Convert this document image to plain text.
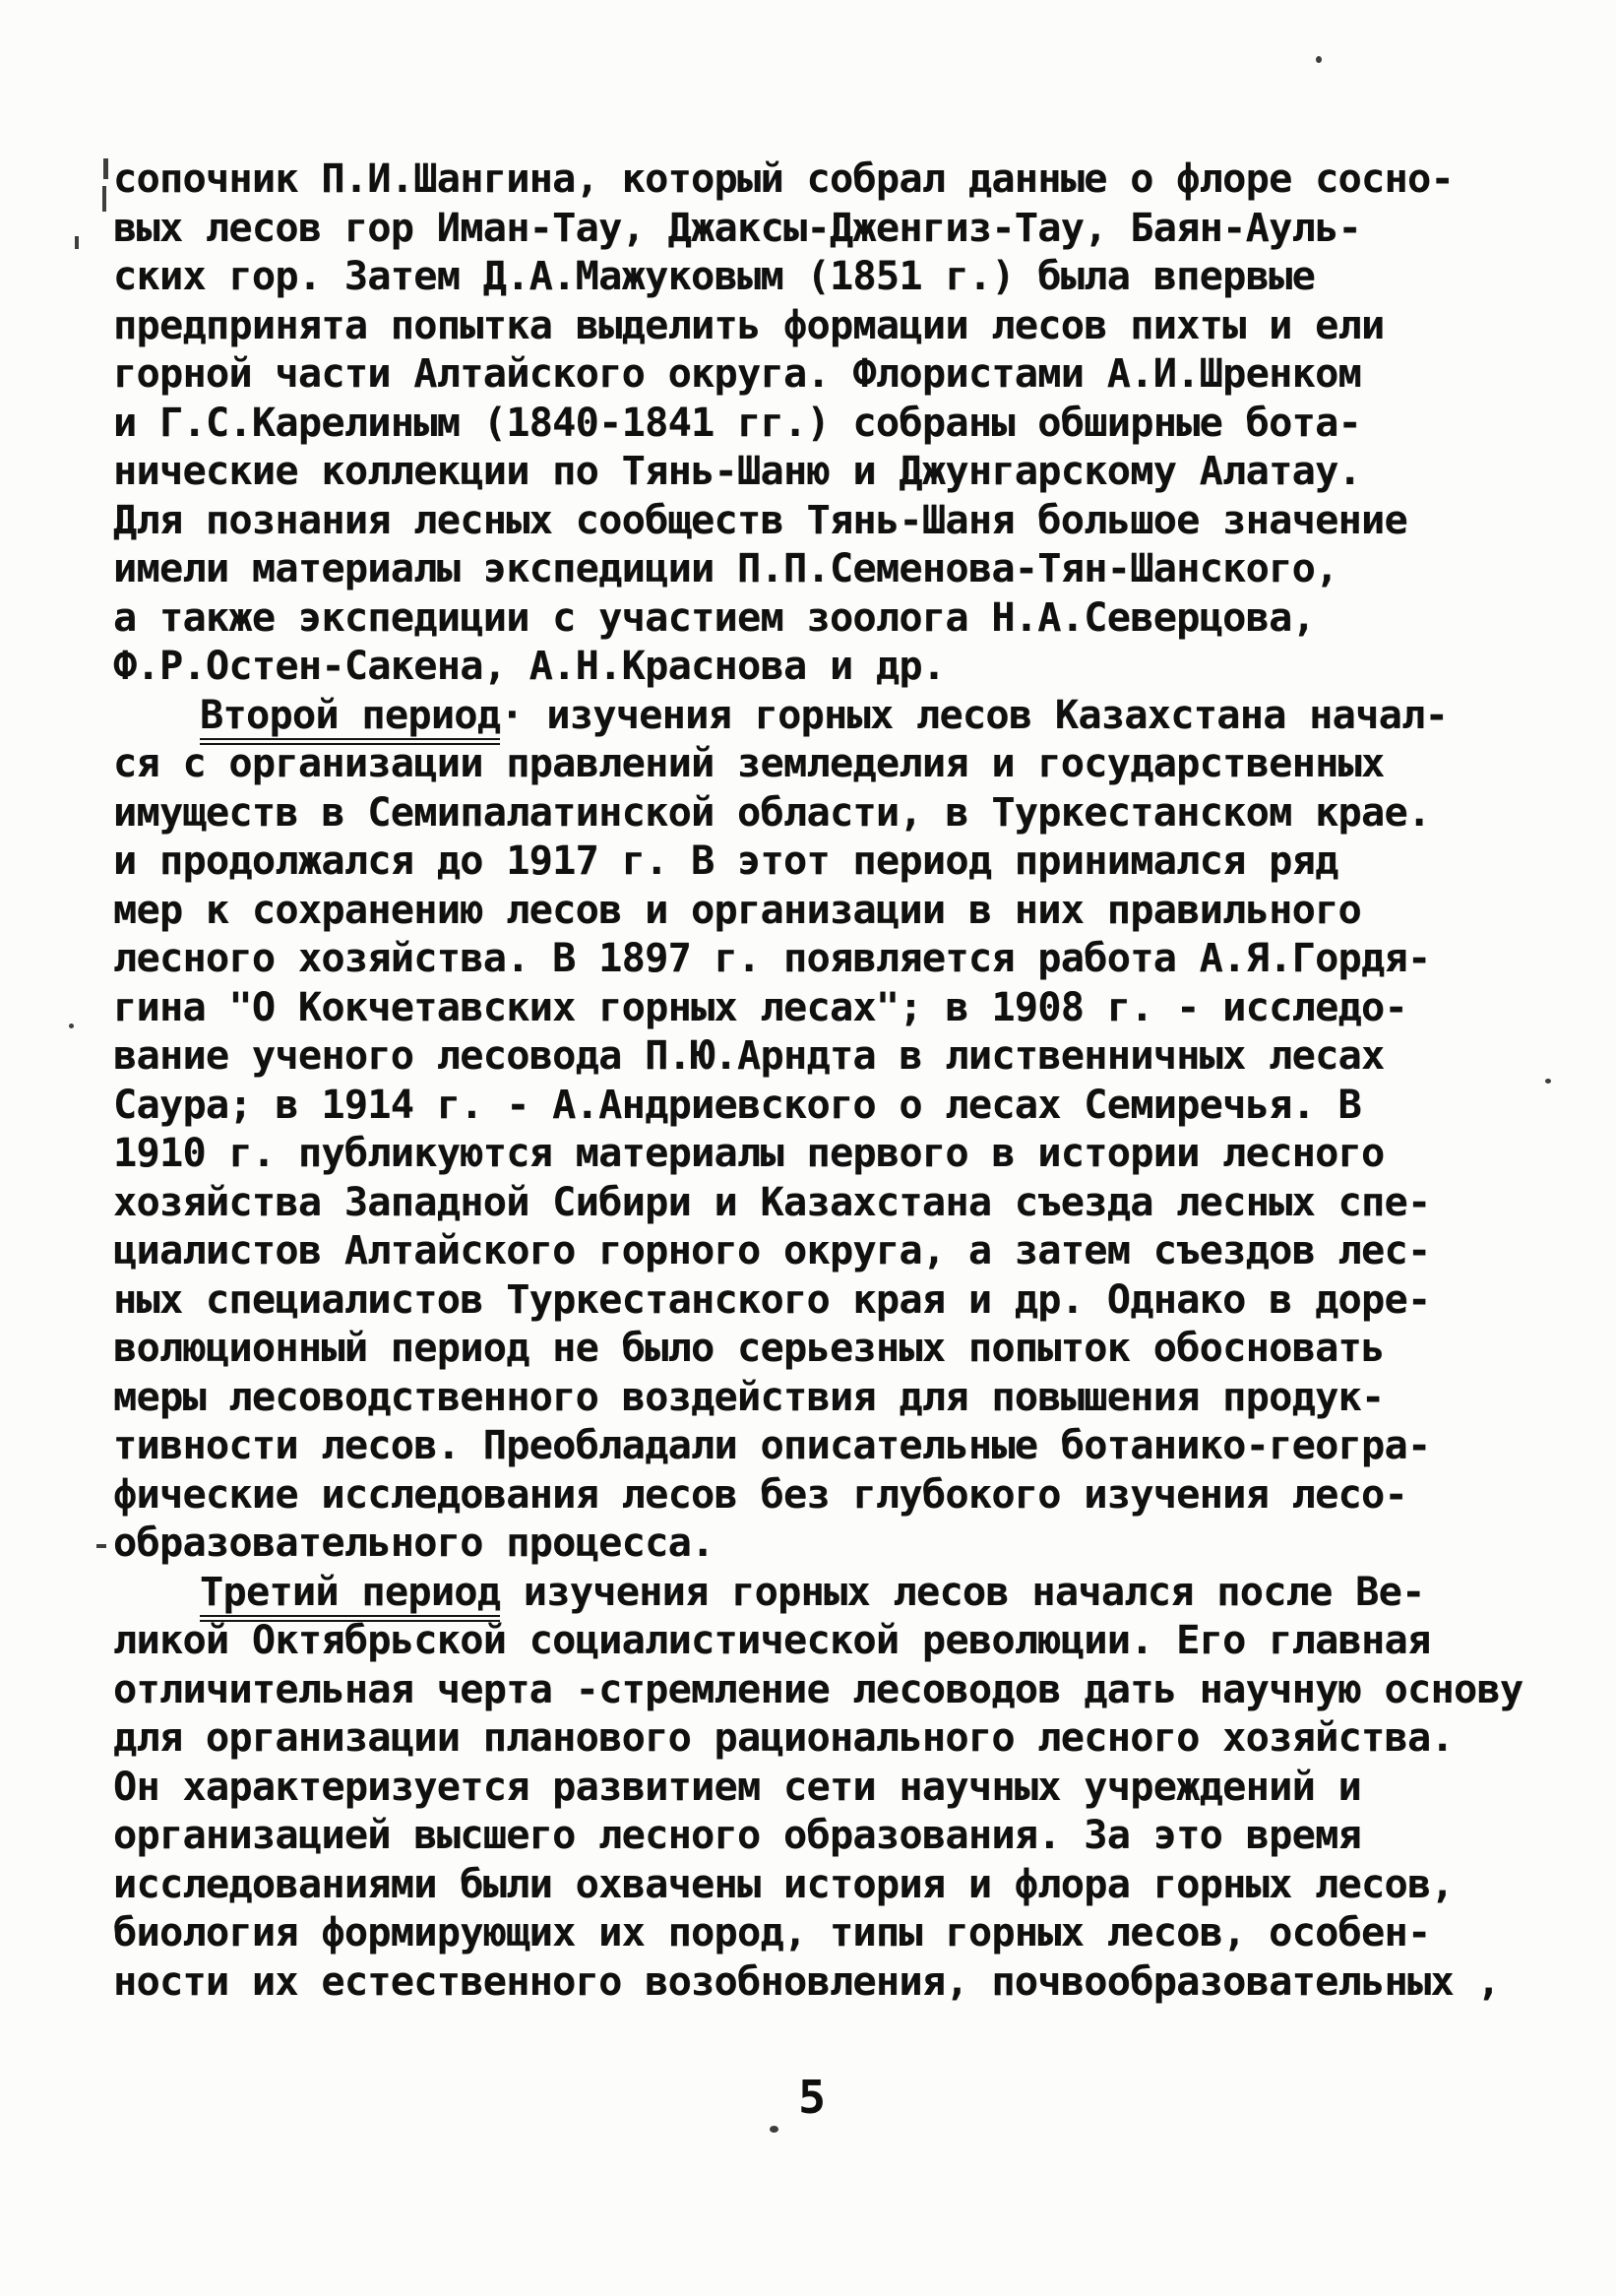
сопочник П.И.Шангина, который собрал данные о флоре сосно-
вых лесов гор Иман-Тау, Джаксы-Дженгиз-Тау, Баян-Ауль-
ских гор. Затем Д.А.Мажуковым (1851 г.) была впервые
предпринята попытка выделить формации лесов пихты и ели
горной части Алтайского округа. Флористами А.И.Шренком
и Г.С.Карелиным (1840-1841 гг.) собраны обширные бота-
нические коллекции по Тянь-Шаню и Джунгарскому Алатау.
Для познания лесных сообществ Тянь-Шаня большое значение
имели материалы экспедиции П.П.Семенова-Тян-Шанского,
а также экспедиции с участием зоолога Н.А.Северцова,
Ф.Р.Остен-Сакена, А.Н.Краснова и др.
Второй период· изучения горных лесов Казахстана начал-
ся с организации правлений земледелия и государственных
имуществ в Семипалатинской области, в Туркестанском крае.
и продолжался до 1917 г. В этот период принимался ряд
мер к сохранению лесов и организации в них правильного
лесного хозяйства. В 1897 г. появляется работа А.Я.Гордя-
гина "О Кокчетавских горных лесах"; в 1908 г. - исследо-
вание ученого лесовода П.Ю.Арндта в лиственничных лесах
Саура; в 1914 г. - А.Андриевского о лесах Семиречья. В
1910 г. публикуются материалы первого в истории лесного
хозяйства Западной Сибири и Казахстана съезда лесных спе-
циалистов Алтайского горного округа, а затем съездов лес-
ных специалистов Туркестанского края и др. Однако в доре-
волюционный период не было серьезных попыток обосновать
меры лесоводственного воздействия для повышения продук-
тивности лесов. Преобладали описательные ботанико-геогра-
фические исследования лесов без глубокого изучения лесо-
образовательного процесса.
Третий период изучения горных лесов начался после Ве-
ликой Октябрьской социалистической революции. Его главная
отличительная черта -стремление лесоводов дать научную основу
для организации планового рационального лесного хозяйства.
Он характеризуется развитием сети научных учреждений и
организацией высшего лесного образования. За это время
исследованиями были охвачены история и флора горных лесов,
биология формирующих их пород, типы горных лесов, особен-
ности их естественного возобновления, почвообразовательных ,
5
